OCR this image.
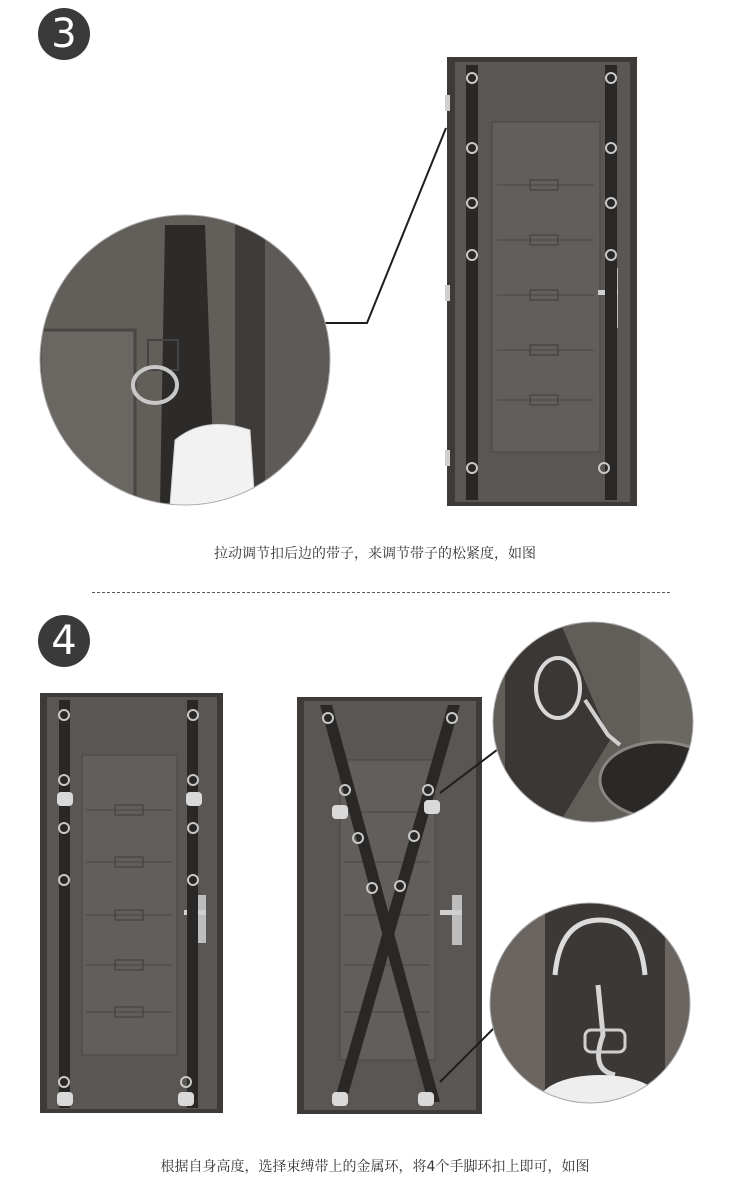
3
拉动调节扣后边的带子，来调节带子的松紧度，如图
4
根据自身高度，选择束缚带上的金属环，将4个手脚环扣上即可，如图
